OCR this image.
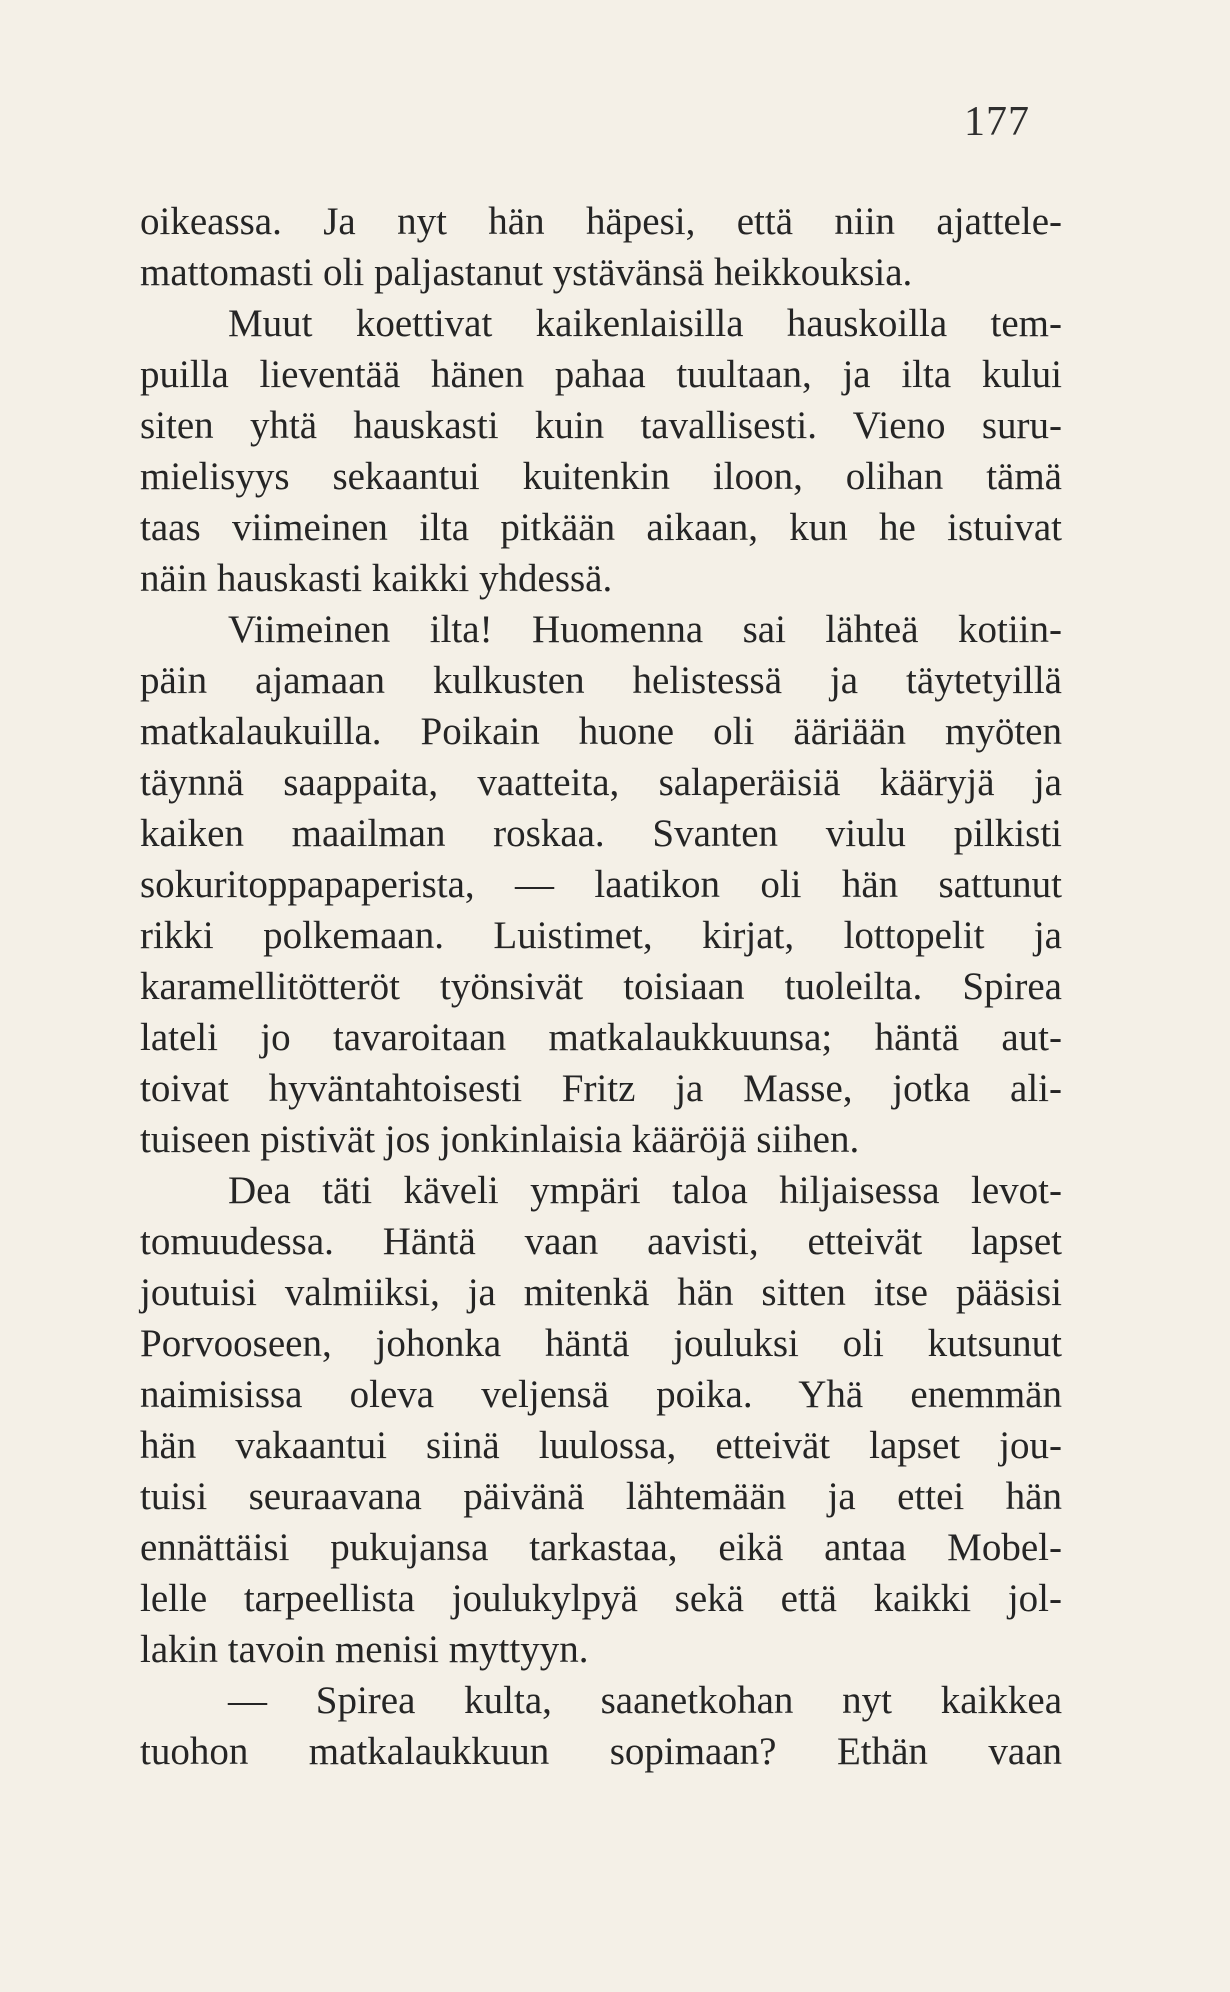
177
oikeassa. Ja nyt hän häpesi, että niin ajattele-
mattomasti oli paljastanut ystävänsä heikkouksia.
Muut koettivat kaikenlaisilla hauskoilla tem-
puilla lieventää hänen pahaa tuultaan, ja ilta kului
siten yhtä hauskasti kuin tavallisesti. Vieno suru-
mielisyys sekaantui kuitenkin iloon, olihan tämä
taas viimeinen ilta pitkään aikaan, kun he istuivat
näin hauskasti kaikki yhdessä.
Viimeinen ilta! Huomenna sai lähteä kotiin-
päin ajamaan kulkusten helistessä ja täytetyillä
matkalaukuilla. Poikain huone oli ääriään myöten
täynnä saappaita, vaatteita, salaperäisiä kääryjä ja
kaiken maailman roskaa. Svanten viulu pilkisti
sokuritoppapaperista, — laatikon oli hän sattunut
rikki polkemaan. Luistimet, kirjat, lottopelit ja
karamellitötteröt työnsivät toisiaan tuoleilta. Spirea
lateli jo tavaroitaan matkalaukkuunsa; häntä aut-
toivat hyväntahtoisesti Fritz ja Masse, jotka ali-
tuiseen pistivät jos jonkinlaisia kääröjä siihen.
Dea täti käveli ympäri taloa hiljaisessa levot-
tomuudessa. Häntä vaan aavisti, etteivät lapset
joutuisi valmiiksi, ja mitenkä hän sitten itse pääsisi
Porvooseen, johonka häntä jouluksi oli kutsunut
naimisissa oleva veljensä poika. Yhä enemmän
hän vakaantui siinä luulossa, etteivät lapset jou-
tuisi seuraavana päivänä lähtemään ja ettei hän
ennättäisi pukujansa tarkastaa, eikä antaa Mobel-
lelle tarpeellista joulukylpyä sekä että kaikki jol-
lakin tavoin menisi myttyyn.
— Spirea kulta, saanetkohan nyt kaikkea
tuohon matkalaukkuun sopimaan? Ethän vaan
